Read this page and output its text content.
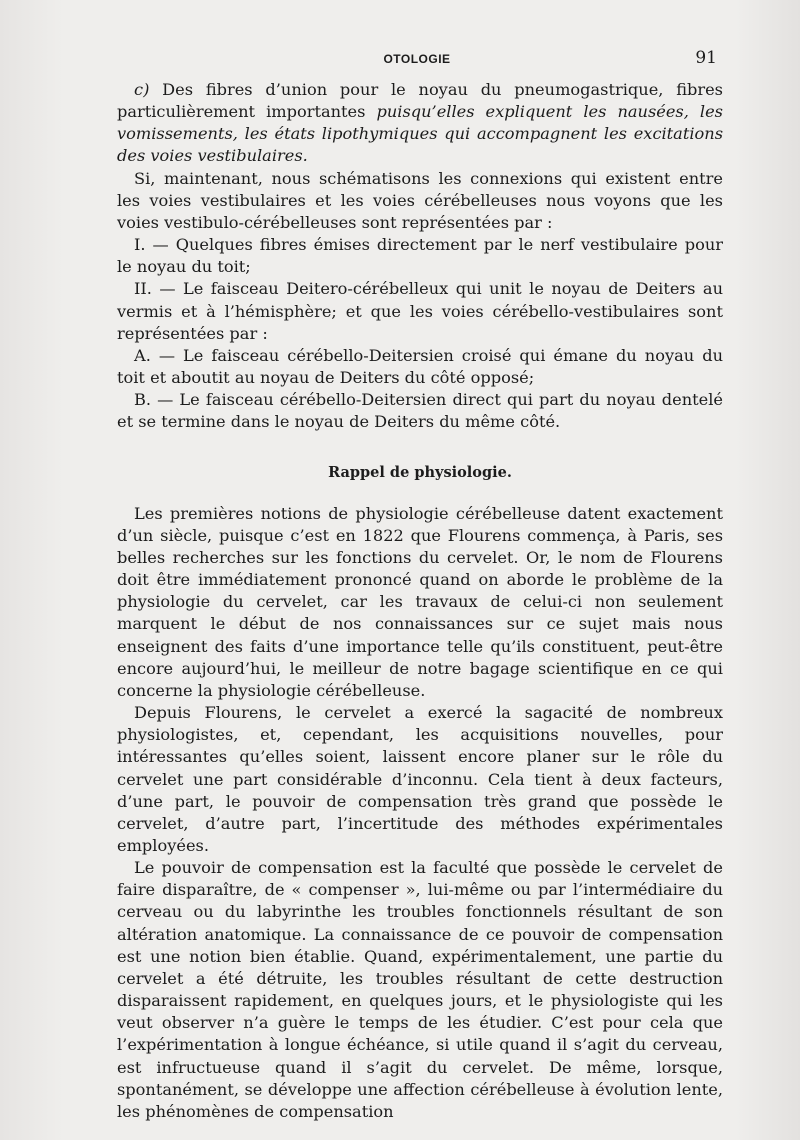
OTOLOGIE	91

c) Des fibres d’union pour le noyau du pneumogastrique, fibres particulièrement importantes puisqu’elles expliquent les nausées, les vomissements, les états lipothymiques qui accompagnent les excitations des voies vestibulaires.

Si, maintenant, nous schématisons les connexions qui existent entre les voies vestibulaires et les voies cérébelleuses nous voyons que les voies vestibulo-cérébelleuses sont représentées par :

I. — Quelques fibres émises directement par le nerf vestibulaire pour le noyau du toit;

II. — Le faisceau Deitero-cérébelleux qui unit le noyau de Deiters au vermis et à l’hémisphère; et que les voies cérébello-vestibulaires sont représentées par :

A. — Le faisceau cérébello-Deitersien croisé qui émane du noyau du toit et aboutit au noyau de Deiters du côté opposé;

B. — Le faisceau cérébello-Deitersien direct qui part du noyau dentelé et se termine dans le noyau de Deiters du même côté.

Rappel de physiologie.

Les premières notions de physiologie cérébelleuse datent exactement d’un siècle, puisque c’est en 1822 que Flourens commença, à Paris, ses belles recherches sur les fonctions du cervelet. Or, le nom de Flourens doit être immédiatement prononcé quand on aborde le problème de la physiologie du cervelet, car les travaux de celui-ci non seulement marquent le début de nos connaissances sur ce sujet mais nous enseignent des faits d’une importance telle qu’ils constituent, peut-être encore aujourd’hui, le meilleur de notre bagage scientifique en ce qui concerne la physiologie cérébelleuse.

Depuis Flourens, le cervelet a exercé la sagacité de nombreux physiologistes, et, cependant, les acquisitions nouvelles, pour intéressantes qu’elles soient, laissent encore planer sur le rôle du cervelet une part considérable d’inconnu. Cela tient à deux facteurs, d’une part, le pouvoir de compensation très grand que possède le cervelet, d’autre part, l’incertitude des méthodes expérimentales employées.

Le pouvoir de compensation est la faculté que possède le cervelet de faire disparaître, de « compenser », lui-même ou par l’intermédiaire du cerveau ou du labyrinthe les troubles fonctionnels résultant de son altération anatomique. La connaissance de ce pouvoir de compensation est une notion bien établie. Quand, expérimentalement, une partie du cervelet a été détruite, les troubles résultant de cette destruction disparaissent rapidement, en quelques jours, et le physiologiste qui les veut observer n’a guère le temps de les étudier. C’est pour cela que l’expérimentation à longue échéance, si utile quand il s’agit du cerveau, est infructueuse quand il s’agit du cervelet. De même, lorsque, spontanément, se développe une affection cérébelleuse à évolution lente, les phénomènes de compensation
